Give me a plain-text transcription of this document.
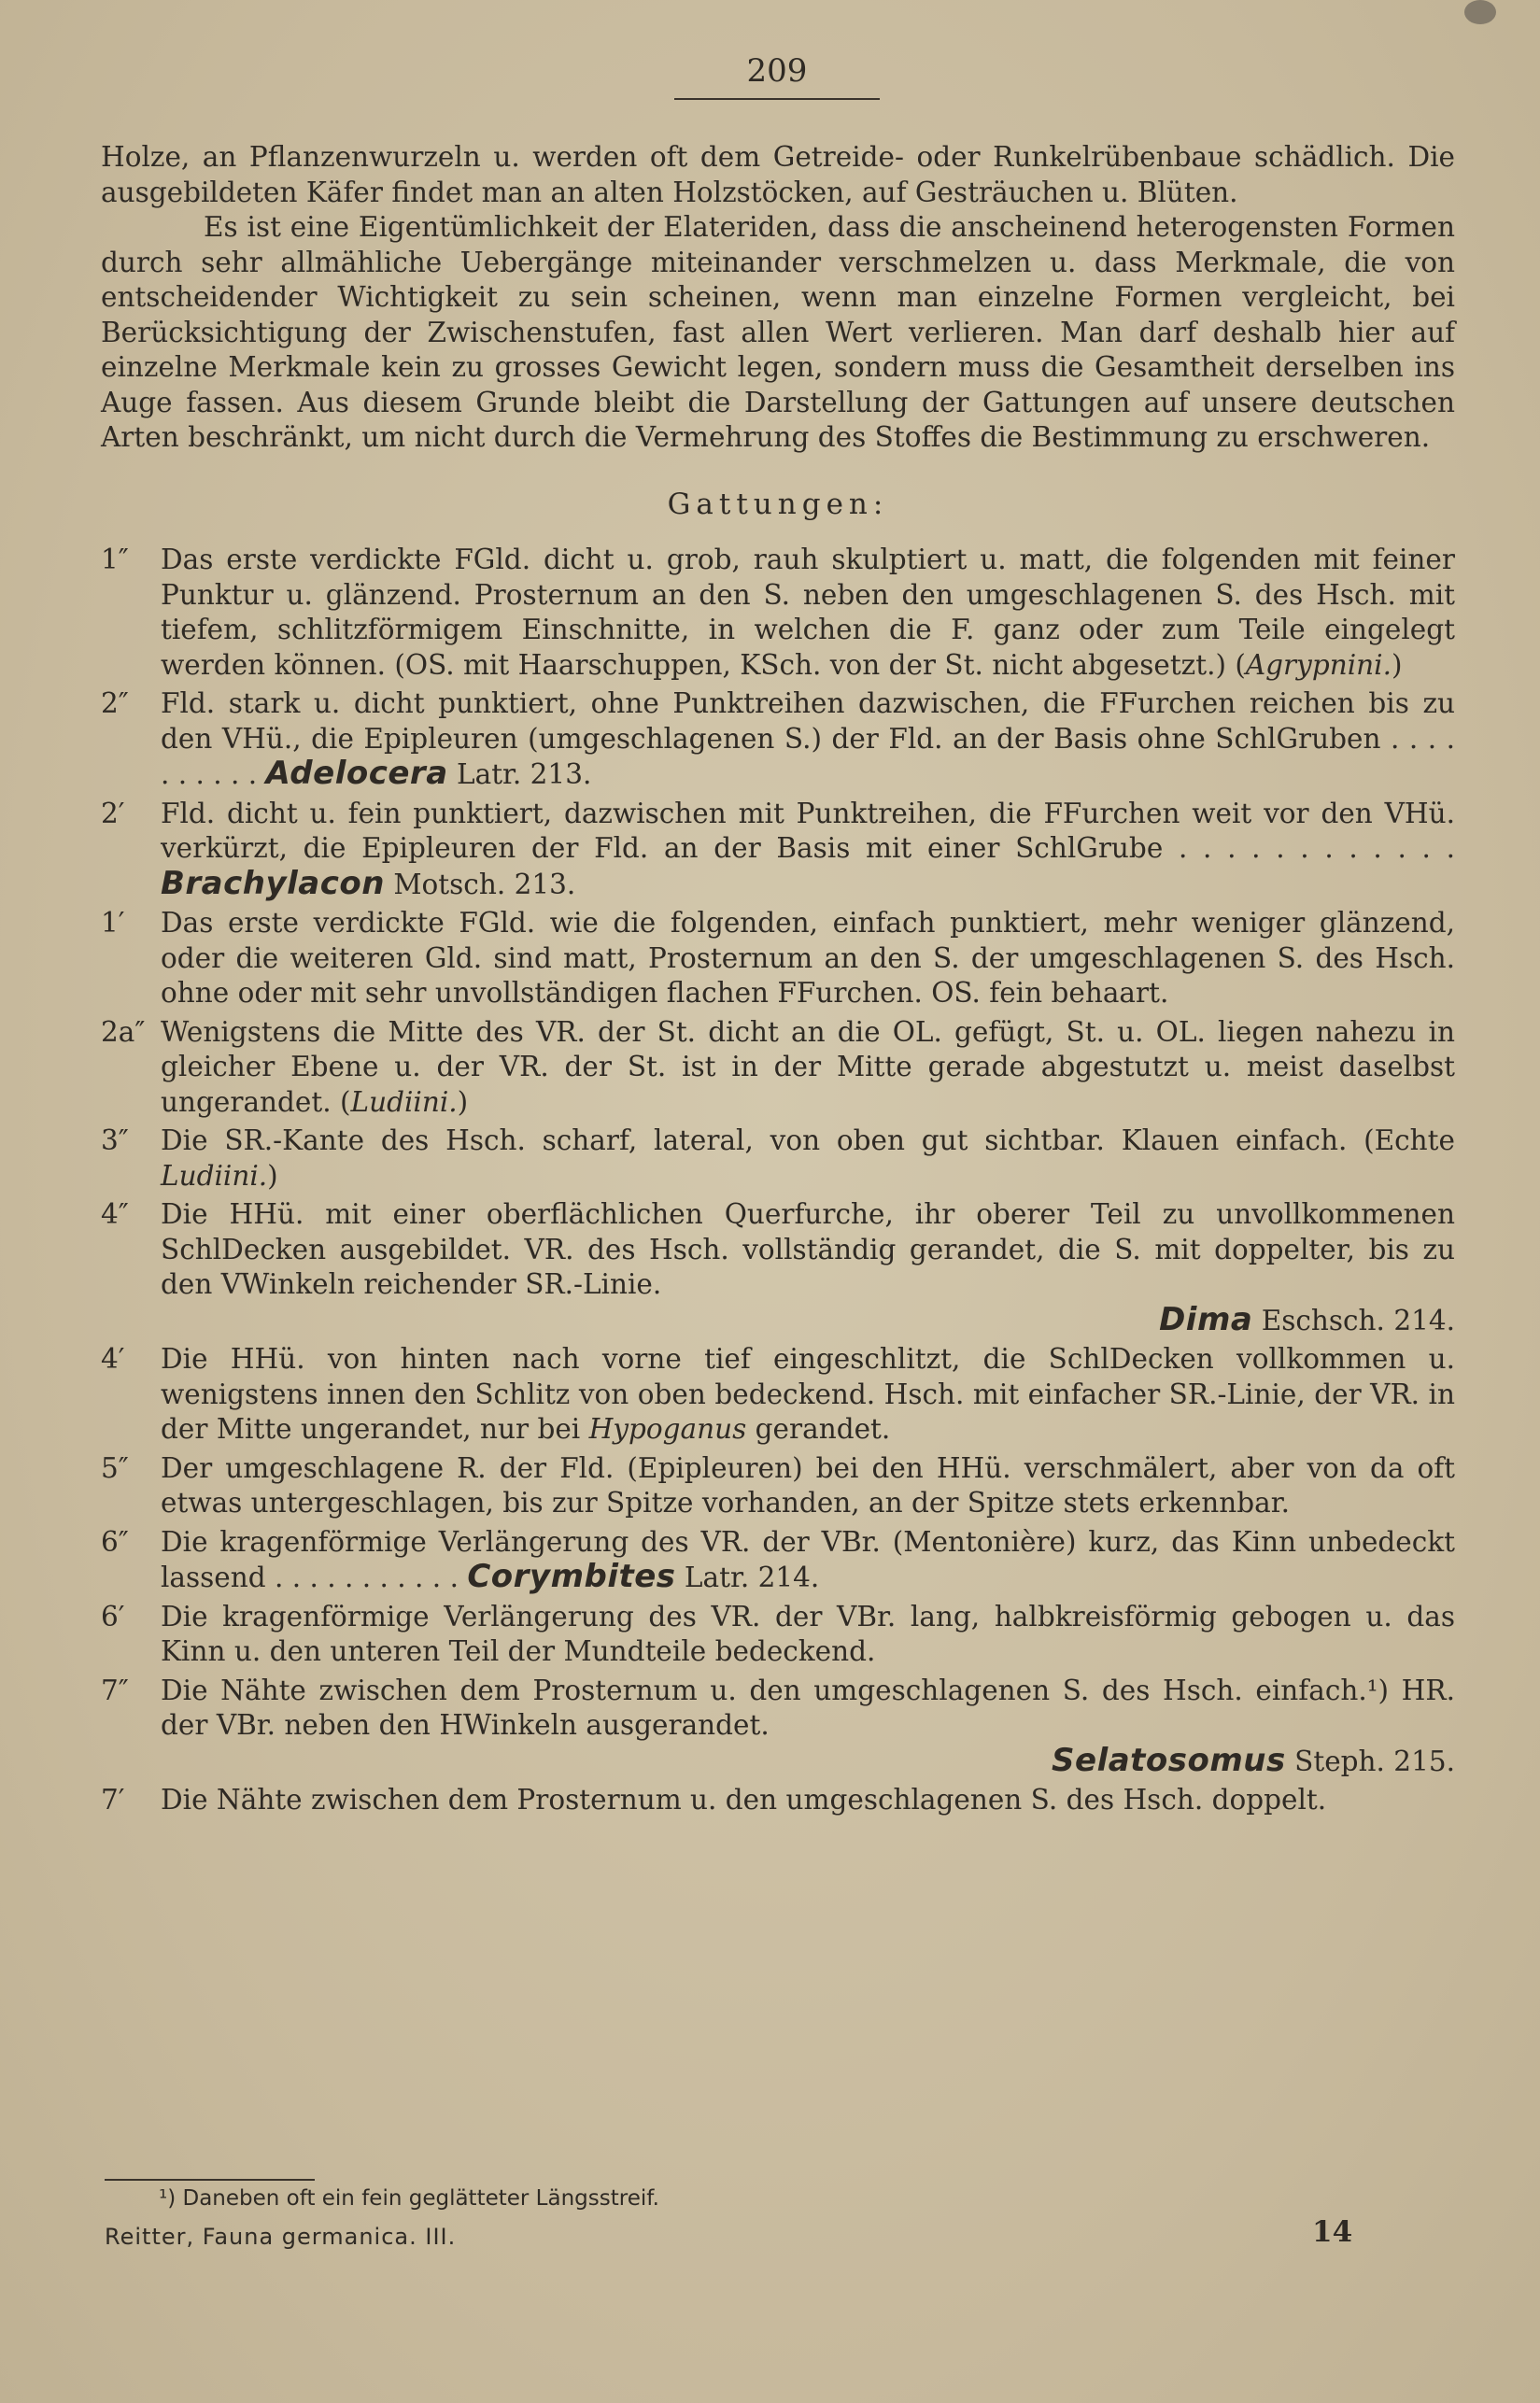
209

Holze, an Pflanzenwurzeln u. werden oft dem Getreide- oder Runkelrübenbaue schädlich. Die ausgebildeten Käfer findet man an alten Holzstöcken, auf Gesträuchen u. Blüten.

Es ist eine Eigentümlichkeit der Elateriden, dass die anscheinend heterogensten Formen durch sehr allmähliche Uebergänge miteinander verschmelzen u. dass Merkmale, die von entscheidender Wichtigkeit zu sein scheinen, wenn man einzelne Formen vergleicht, bei Berücksichtigung der Zwischenstufen, fast allen Wert verlieren. Man darf deshalb hier auf einzelne Merkmale kein zu grosses Gewicht legen, sondern muss die Gesamtheit derselben ins Auge fassen. Aus diesem Grunde bleibt die Darstellung der Gattungen auf unsere deutschen Arten beschränkt, um nicht durch die Vermehrung des Stoffes die Bestimmung zu erschweren.

Gattungen:

1″	Das erste verdickte FGld. dicht u. grob, rauh skulptiert u. matt, die folgenden mit feiner Punktur u. glänzend. Prosternum an den S. neben den umgeschlagenen S. des Hsch. mit tiefem, schlitzförmigem Einschnitte, in welchen die F. ganz oder zum Teile eingelegt werden können. (OS. mit Haarschuppen, KSch. von der St. nicht abgesetzt.) (Agrypnini.)
2″	Fld. stark u. dicht punktiert, ohne Punktreihen dazwischen, die FFurchen reichen bis zu den VHü., die Epipleuren (umgeschlagenen S.) der Fld. an der Basis ohne SchlGruben . . . . . . . . . . Adelocera Latr. 213.
2′	Fld. dicht u. fein punktiert, dazwischen mit Punktreihen, die FFurchen weit vor den VHü. verkürzt, die Epipleuren der Fld. an der Basis mit einer SchlGrube . . . . . . . . . . . . Brachylacon Motsch. 213.
1′	Das erste verdickte FGld. wie die folgenden, einfach punktiert, mehr weniger glänzend, oder die weiteren Gld. sind matt, Prosternum an den S. der umgeschlagenen S. des Hsch. ohne oder mit sehr unvollständigen flachen FFurchen. OS. fein behaart.
2a″ Wenigstens die Mitte des VR. der St. dicht an die OL. gefügt, St. u. OL. liegen nahezu in gleicher Ebene u. der VR. der St. ist in der Mitte gerade abgestutzt u. meist daselbst ungerandet. (Ludiini.)
3″	Die SR.-Kante des Hsch. scharf, lateral, von oben gut sichtbar. Klauen einfach. (Echte Ludiini.)
4″	Die HHü. mit einer oberflächlichen Querfurche, ihr oberer Teil zu unvollkommenen SchlDecken ausgebildet. VR. des Hsch. vollständig gerandet, die S. mit doppelter, bis zu den VWinkeln reichender SR.-Linie.
Dima Eschsch. 214.
4′	Die HHü. von hinten nach vorne tief eingeschlitzt, die SchlDecken vollkommen u. wenigstens innen den Schlitz von oben bedeckend. Hsch. mit einfacher SR.-Linie, der VR. in der Mitte ungerandet, nur bei Hypoganus gerandet.
5″	Der umgeschlagene R. der Fld. (Epipleuren) bei den HHü. verschmälert, aber von da oft etwas untergeschlagen, bis zur Spitze vorhanden, an der Spitze stets erkennbar.
6″	Die kragenförmige Verlängerung des VR. der VBr. (Mentonière) kurz, das Kinn unbedeckt lassend . . . . . . . . . . . Corymbites Latr. 214.
6′	Die kragenförmige Verlängerung des VR. der VBr. lang, halbkreisförmig gebogen u. das Kinn u. den unteren Teil der Mundteile bedeckend.
7″	Die Nähte zwischen dem Prosternum u. den umgeschlagenen S. des Hsch. einfach.¹) HR. der VBr. neben den HWinkeln ausgerandet.
Selatosomus Steph. 215.
7′	Die Nähte zwischen dem Prosternum u. den umgeschlagenen S. des Hsch. doppelt.
¹) Daneben oft ein fein geglätteter Längsstreif.
Reitter, Fauna germanica. III.	14
